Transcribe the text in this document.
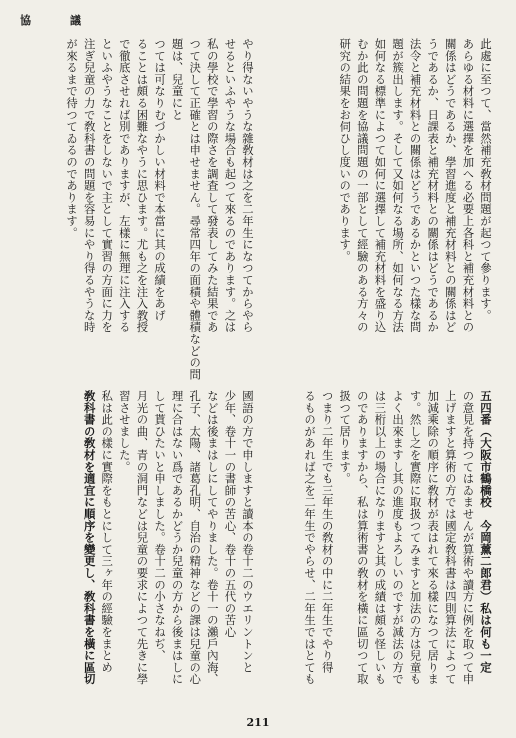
協　議
此處に至つて、當然補充敎材問題が起つて參ります。
あらゆる材料に選擇を加へる必要上各科と補充材料との
關係はどうであるか、學習進度と補充材料との關係はど
うであるか、日課表と補充材料との關係はどうであるか
法令と補充材料との關係はどうであるかといつた樣な問
題が簇出します。そして又如何なる場所、如何なる方法
如何なる標準によつて如何に選擇して補充材料を盛り込
むか此の問題を協議問題の一部として經驗のある方々の
研究の結果をお伺ひし度いのであります。
やり得ないやうな雜敎材は之を二年生になつてからやら
せるといふやうな場合も起つて來るのであります。之は
私の學校で學習の際さを調査して發表してみた結果であ
つて決して正確とは申せません。尋常四年の面積や體積などの問題は、兒童にと
つては可なりむづかしい材料で本當に其の成績をあげ
ることは頗る困難なやうに思ひます。尤も之を注入教授
で徹底させれば別でありますが、左樣に無理に注入する
といふやうなことをしないで主として實習の方面に力を
注ぎ兒童の力で敎科書の問題を容易にやり得るやうな時
が來るまで待つてゐるのであります。
五四番（大阪市鶴橋校　今岡薰二郎君）私は何も一定
の意見を持つてはゐませんが算術や讀方に例を取つて申
上げますと算術の方では國定敎科書は四則算法によつて
加減乘除の順序に敎材が表はれて來る樣になつて居りま
す。然し之を實際に取扱つてみますと加法の方は兒童も
よく出來ますし其の進度もよろしいのですが減法の方で
は三桁以上の場合になりますと其の成績は頗る怪しいも
のでありますから、私は算術書の敎材を橫に區切つて取
扱つて居ります。
つまり二年生でも三年生の敎材の中に二年生でやり得
るものがあれば之を二年生でやらせ、二年生ではとても
國語の方で申しますと讀本の卷十二のウエリントンと
少年、卷十一の書師の苦心、卷十の五代の苦心
などは後まはしにしてやりました。卷十一の瀨戶內海、
孔子、太陽、諸葛孔明、自治の精神などの課は兒童の心
理に合はない爲であるかどうか兒童の方から後まはしに
して貰ひたいと申しました。卷十二の小さなねぢ、
月光の曲、青の洞門などは兒童の要求によつて先きに學
習させました。
私は此の樣に實際をもとにして三ヶ年の經驗をまとめ
敎科書の敎材を適宜に順序を變更し、敎科書を橫に區切
211
